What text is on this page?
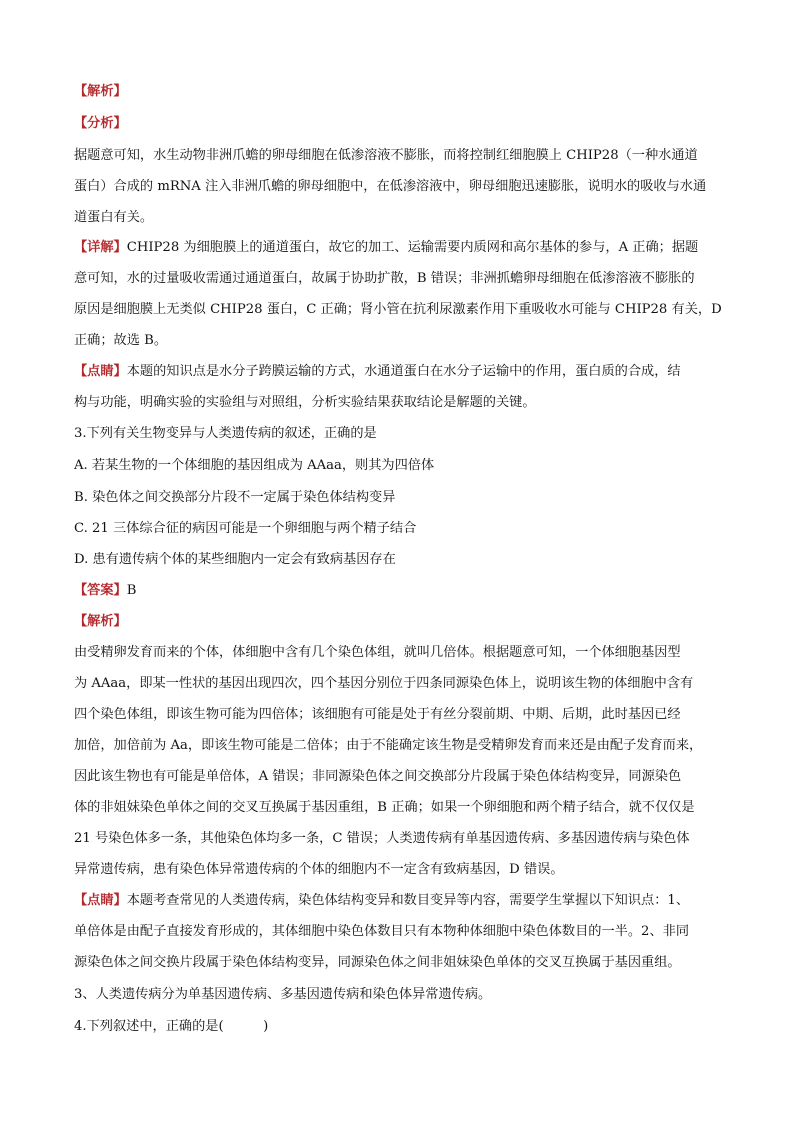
【解析】
【分析】
据题意可知，水生动物非洲爪蟾的卵母细胞在低渗溶液不膨胀，而将控制红细胞膜上 CHIP28（一种水通道
蛋白）合成的 mRNA 注入非洲爪蟾的卵母细胞中，在低渗溶液中，卵母细胞迅速膨胀，说明水的吸收与水通
道蛋白有关。
【详解】CHIP28 为细胞膜上的通道蛋白，故它的加工、运输需要内质网和高尔基体的参与，A 正确；据题
意可知，水的过量吸收需通过通道蛋白，故属于协助扩散，B 错误；非洲抓蟾卵母细胞在低渗溶液不膨胀的
原因是细胞膜上无类似 CHIP28 蛋白，C 正确；肾小管在抗利尿激素作用下重吸收水可能与 CHIP28 有关，D
正确；故选 B。
【点睛】本题的知识点是水分子跨膜运输的方式，水通道蛋白在水分子运输中的作用，蛋白质的合成，结
构与功能，明确实验的实验组与对照组，分析实验结果获取结论是解题的关键。
3.下列有关生物变异与人类遗传病的叙述，正确的是
A. 若某生物的一个体细胞的基因组成为 AAaa，则其为四倍体
B. 染色体之间交换部分片段不一定属于染色体结构变异
C. 21 三体综合征的病因可能是一个卵细胞与两个精子结合
D. 患有遗传病个体的某些细胞内一定会有致病基因存在
【答案】B
【解析】
由受精卵发育而来的个体，体细胞中含有几个染色体组，就叫几倍体。根据题意可知，一个体细胞基因型
为 AAaa，即某一性状的基因出现四次，四个基因分别位于四条同源染色体上，说明该生物的体细胞中含有
四个染色体组，即该生物可能为四倍体；该细胞有可能是处于有丝分裂前期、中期、后期，此时基因已经
加倍，加倍前为 Aa，即该生物可能是二倍体；由于不能确定该生物是受精卵发育而来还是由配子发育而来，
因此该生物也有可能是单倍体，A 错误；非同源染色体之间交换部分片段属于染色体结构变异，同源染色
体的非姐妹染色单体之间的交叉互换属于基因重组，B 正确；如果一个卵细胞和两个精子结合，就不仅仅是
21 号染色体多一条，其他染色体均多一条，C 错误；人类遗传病有单基因遗传病、多基因遗传病与染色体
异常遗传病，患有染色体异常遗传病的个体的细胞内不一定含有致病基因，D 错误。
【点睛】本题考查常见的人类遗传病，染色体结构变异和数目变异等内容，需要学生掌握以下知识点：1、
单倍体是由配子直接发育形成的，其体细胞中染色体数目只有本物种体细胞中染色体数目的一半。2、非同
源染色体之间交换片段属于染色体结构变异，同源染色体之间非姐妹染色单体的交叉互换属于基因重组。
3、人类遗传病分为单基因遗传病、多基因遗传病和染色体异常遗传病。
4.下列叙述中，正确的是(　　　)
